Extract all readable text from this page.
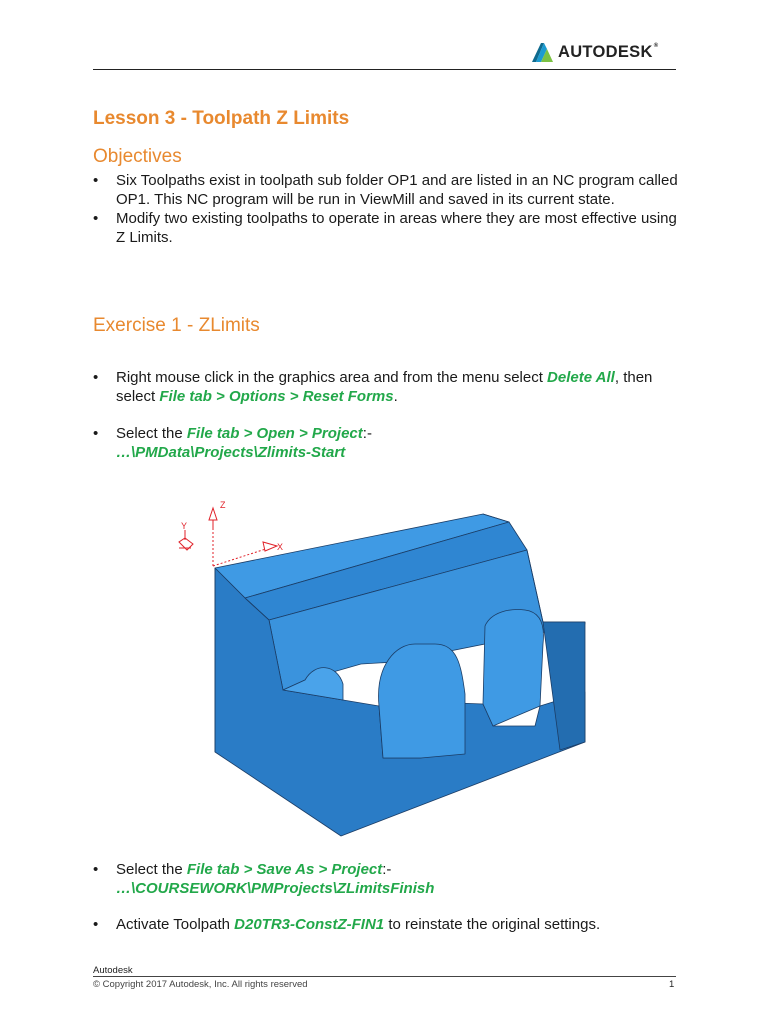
AUTODESK®
Lesson 3 - Toolpath Z Limits
Objectives
• Six Toolpaths exist in toolpath sub folder OP1 and are listed in an NC program called OP1. This NC program will be run in ViewMill and saved in its current state.
• Modify two existing toolpaths to operate in areas where they are most effective using Z Limits.
Exercise 1 - ZLimits
• Right mouse click in the graphics area and from the menu select Delete All, then select File tab > Options > Reset Forms.
• Select the File tab > Open > Project:-
…\PMData\Projects\Zlimits-Start
Z
Y
X
• Select the File tab > Save As > Project:-
…\COURSEWORK\PMProjects\ZLimitsFinish
• Activate Toolpath D20TR3-ConstZ-FIN1 to reinstate the original settings.
Autodesk
© Copyright 2017 Autodesk, Inc. All rights reserved	1
